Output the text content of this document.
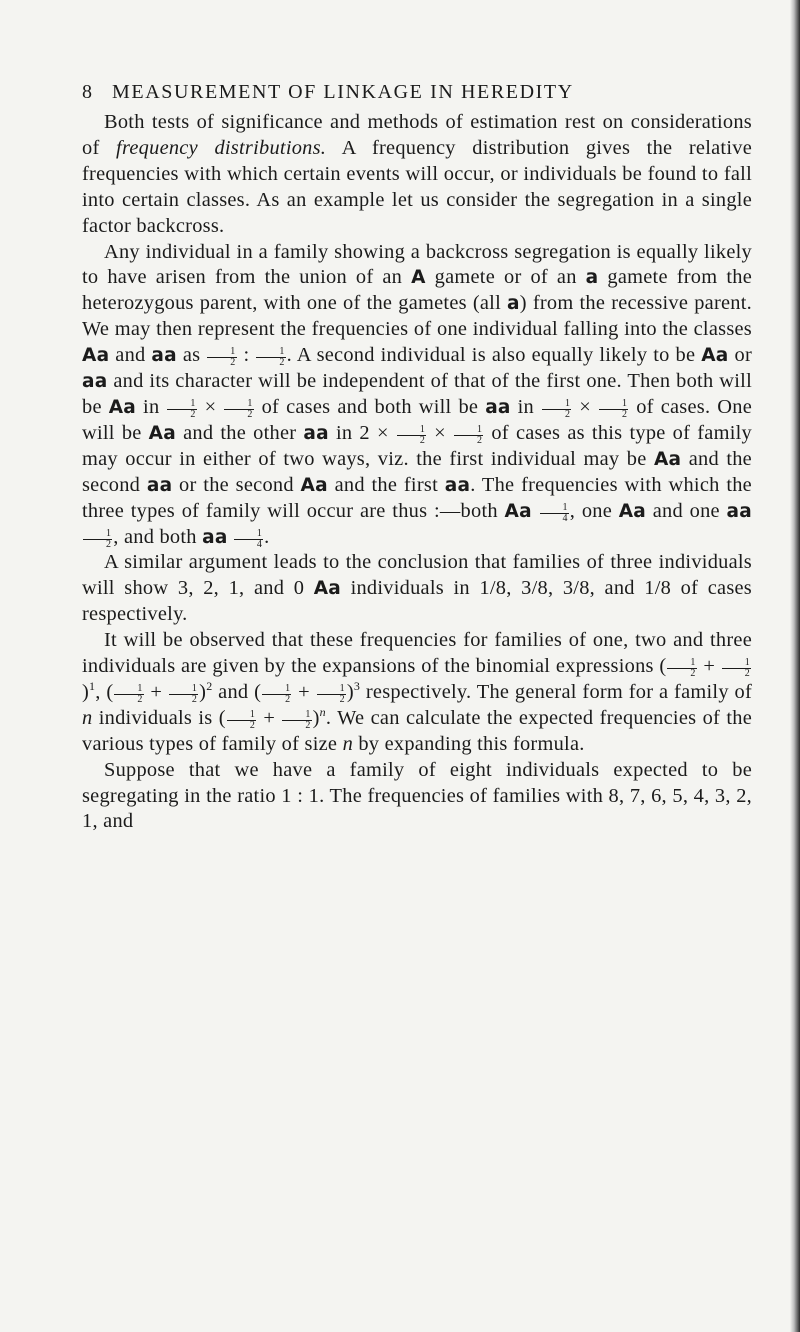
8 MEASUREMENT OF LINKAGE IN HEREDITY

Both tests of significance and methods of estimation rest on considerations of frequency distributions. A frequency distribution gives the relative frequencies with which certain events will occur, or individuals be found to fall into certain classes. As an example let us consider the segregation in a single factor backcross.

Any individual in a family showing a backcross segregation is equally likely to have arisen from the union of an A gamete or of an a gamete from the heterozygous parent, with one of the gametes (all a) from the recessive parent. We may then represent the frequencies of one individual falling into the classes Aa and aa as $\frac{1}{2}$ : $\frac{1}{2}$ . A second individual is also equally likely to be Aa or aa and its character will be independent of that of the first one. Then both will be Aa in $\frac{1}{2} \times \frac{1}{2}$ of cases and both will be aa in $\frac{1}{2} \times \frac{1}{2}$ of cases. One will be Aa and the other aa in $2 \times \frac{1}{2} \times \frac{1}{2}$ of cases as this type of family may occur in either of two ways, viz. the first individual may be Aa and the second aa or the second Aa and the first aa. The frequencies with which the three types of family will occur are thus :—both Aa $\frac{1}{4}$ , one Aa and one aa
$\frac{1}{2}$ , and both aa $\frac{1}{4}$ .

A similar argument leads to the conclusion that families of three individuals will show 3, 2, 1, and 0 Aa individuals in 1/8, 3/8, 3/8, and 1/8 of cases respectively.

It will be observed that these frequencies for families of one, two and three individuals are given by the expansions of the binomial expressions ( $\frac{1}{2} + \frac{1}{2}$
)$^1$, ( $\frac{1}{2} + \frac{1}{2} )^2$ and ( $\frac{1}{2} + \frac{1}{2} )^3$ respectively. The general form for a family of n individuals is ( $\frac{1}{2} + \frac{1}{2} )^n$. We can calculate the expected frequencies of the various types of family of size n by expanding this formula.

Suppose that we have a family of eight individuals expected to be segregating in the ratio 1 : 1. The frequencies of families with 8, 7, 6, 5, 4, 3, 2, 1, and
